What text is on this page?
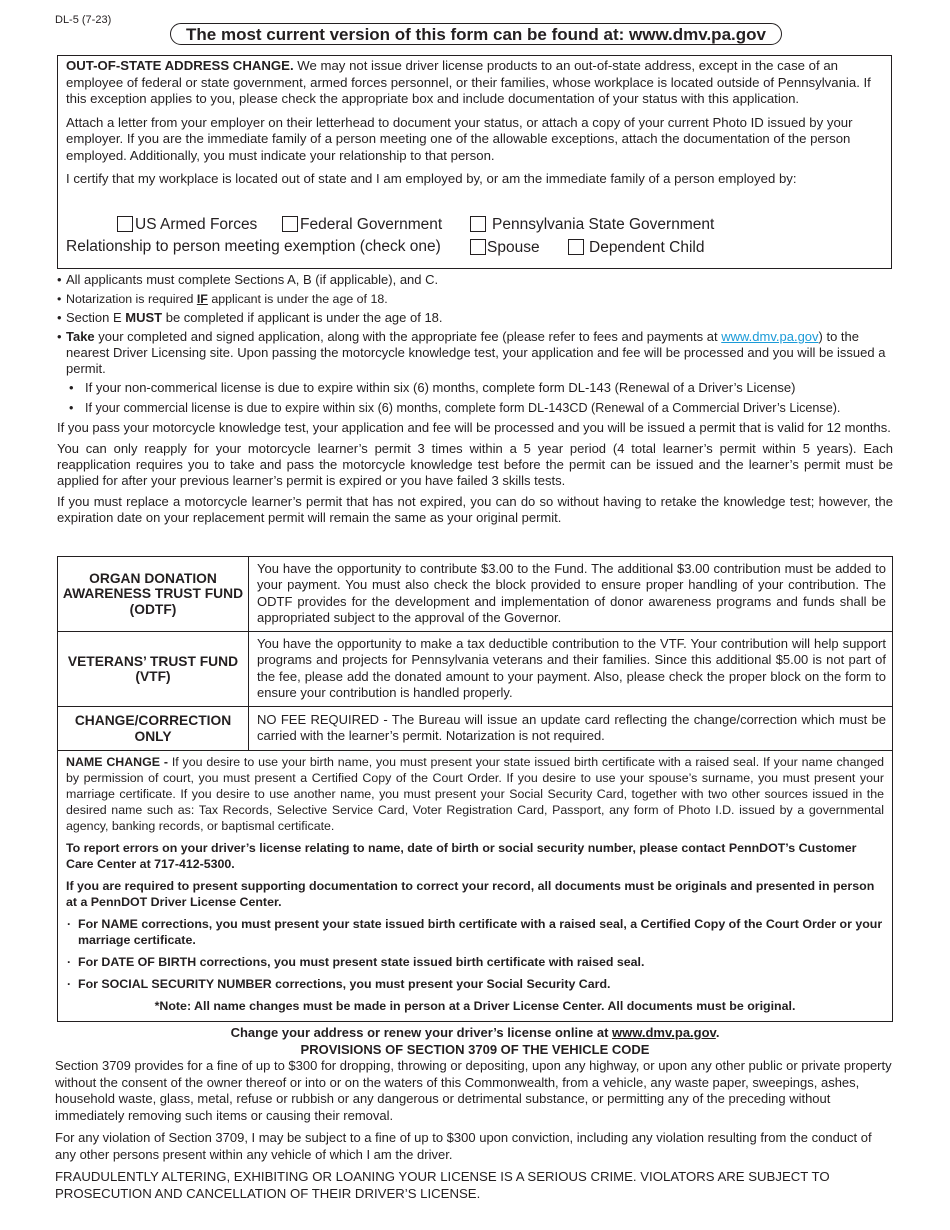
DL-5 (7-23)
The most current version of this form can be found at: www.dmv.pa.gov

OUT-OF-STATE ADDRESS CHANGE. We may not issue driver license products to an out-of-state address, except in the case of an employee of federal or state government, armed forces personnel, or their families, whose workplace is located outside of Pennsylvania. If this exception applies to you, please check the appropriate box and include documentation of your status with this application.

Attach a letter from your employer on their letterhead to document your status, or attach a copy of your current Photo ID issued by your employer. If you are the immediate family of a person meeting one of the allowable exceptions, attach the documentation of the person employed. Additionally, you must indicate your relationship to that person.

I certify that my workplace is located out of state and I am employed by, or am the immediate family of a person employed by:

US Armed Forces	Federal Government	Pennsylvania State Government
Relationship to person meeting exemption (check one)	Spouse	Dependent Child
• All applicants must complete Sections A, B (if applicable), and C.
• Notarization is required IF applicant is under the age of 18.
• Section E MUST be completed if applicant is under the age of 18.
• Take your completed and signed application, along with the appropriate fee (please refer to fees and payments at www.dmv.pa.gov) to the nearest Driver Licensing site. Upon passing the motorcycle knowledge test, your application and fee will be processed and you will be issued a permit.
• If your non-commerical license is due to expire within six (6) months, complete form DL-143 (Renewal of a Driver’s License)
• If your commercial license is due to expire within six (6) months, complete form DL-143CD (Renewal of a Commercial Driver’s License).
If you pass your motorcycle knowledge test, your application and fee will be processed and you will be issued a permit that is valid for 12 months.
You can only reapply for your motorcycle learner’s permit 3 times within a 5 year period (4 total learner’s permit within 5 years). Each reapplication requires you to take and pass the motorcycle knowledge test before the permit can be issued and the learner’s permit must be applied for after your previous learner’s permit is expired or you have failed 3 skills tests.
If you must replace a motorcycle learner’s permit that has not expired, you can do so without having to retake the knowledge test; however, the expiration date on your replacement permit will remain the same as your original permit.
ORGAN DONATION AWARENESS TRUST FUND (ODTF)	You have the opportunity to contribute $3.00 to the Fund. The additional $3.00 contribution must be added to your payment. You must also check the block provided to ensure proper handling of your contribution. The ODTF provides for the development and implementation of donor awareness programs and funds shall be appropriated subject to the approval of the Governor.
VETERANS’ TRUST FUND (VTF)	You have the opportunity to make a tax deductible contribution to the VTF. Your contribution will help support programs and projects for Pennsylvania veterans and their families. Since this additional $5.00 is not part of the fee, please add the donated amount to your payment. Also, please check the proper block on the form to ensure your contribution is handled properly.
CHANGE/CORRECTION ONLY	NO FEE REQUIRED - The Bureau will issue an update card reflecting the change/correction which must be carried with the learner’s permit. Notarization is not required.

NAME CHANGE - If you desire to use your birth name, you must present your state issued birth certificate with a raised seal. If your name changed by permission of court, you must present a Certified Copy of the Court Order. If you desire to use your spouse’s surname, you must present your marriage certificate. If you desire to use another name, you must present your Social Security Card, together with two other sources issued in the desired name such as: Tax Records, Selective Service Card, Voter Registration Card, Passport, any form of Photo I.D. issued by a governmental agency, banking records, or baptismal certificate.

To report errors on your driver’s license relating to name, date of birth or social security number, please contact PennDOT’s Customer Care Center at 717-412-5300.

If you are required to present supporting documentation to correct your record, all documents must be originals and presented in person at a PennDOT Driver License Center.

· For NAME corrections, you must present your state issued birth certificate with a raised seal, a Certified Copy of the Court Order or your marriage certificate.
· For DATE OF BIRTH corrections, you must present state issued birth certificate with raised seal.
· For SOCIAL SECURITY NUMBER corrections, you must present your Social Security Card.

*Note: All name changes must be made in person at a Driver License Center. All documents must be original.

Change your address or renew your driver’s license online at www.dmv.pa.gov.
PROVISIONS OF SECTION 3709 OF THE VEHICLE CODE

Section 3709 provides for a fine of up to $300 for dropping, throwing or depositing, upon any highway, or upon any other public or private property without the consent of the owner thereof or into or on the waters of this Commonwealth, from a vehicle, any waste paper, sweepings, ashes, household waste, glass, metal, refuse or rubbish or any dangerous or detrimental substance, or permitting any of the preceding without immediately removing such items or causing their removal.

For any violation of Section 3709, I may be subject to a fine of up to $300 upon conviction, including any violation resulting from the conduct of any other persons present within any vehicle of which I am the driver.

FRAUDULENTLY ALTERING, EXHIBITING OR LOANING YOUR LICENSE IS A SERIOUS CRIME. VIOLATORS ARE SUBJECT TO PROSECUTION AND CANCELLATION OF THEIR DRIVER’S LICENSE.
